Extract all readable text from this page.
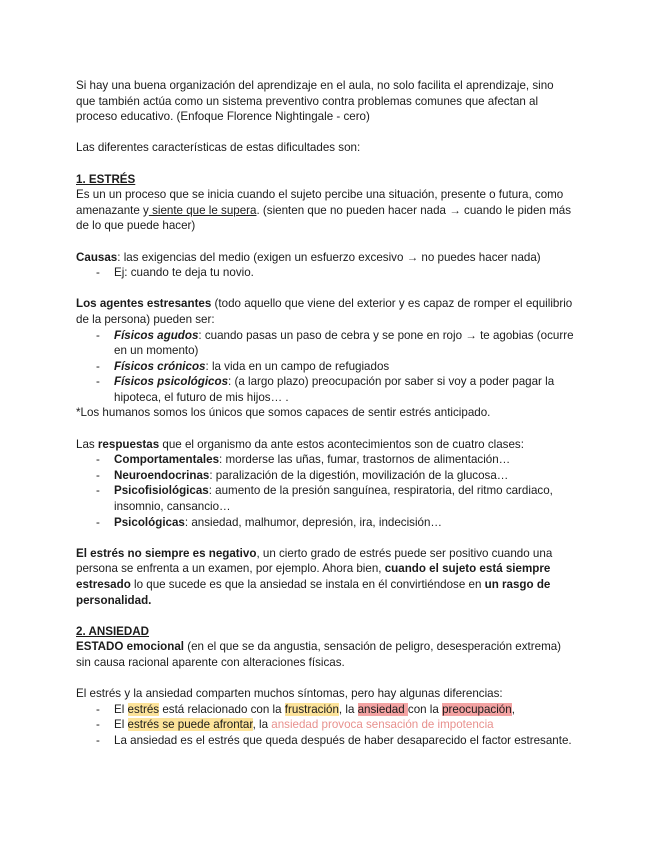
Si hay una buena organización del aprendizaje en el aula, no solo facilita el aprendizaje, sino que también actúa como un sistema preventivo contra problemas comunes que afectan al proceso educativo. (Enfoque Florence Nightingale - cero)

Las diferentes características de estas dificultades son:

1. ESTRÉS

Es un un proceso que se inicia cuando el sujeto percibe una situación, presente o futura, como amenazante y siente que le supera. (sienten que no pueden hacer nada → cuando le piden más de lo que puede hacer)

Causas: las exigencias del medio (exigen un esfuerzo excesivo → no puedes hacer nada)

- Ej: cuando te deja tu novio.

Los agentes estresantes (todo aquello que viene del exterior y es capaz de romper el equilibrio de la persona) pueden ser:

- Físicos agudos: cuando pasas un paso de cebra y se pone en rojo → te agobias (ocurre en un momento)
- Físicos crónicos: la vida en un campo de refugiados
- Físicos psicológicos: (a largo plazo) preocupación por saber si voy a poder pagar la hipoteca, el futuro de mis hijos… .

*Los humanos somos los únicos que somos capaces de sentir estrés anticipado.

Las respuestas que el organismo da ante estos acontecimientos son de cuatro clases:

- Comportamentales: morderse las uñas, fumar, trastornos de alimentación…
- Neuroendocrinas: paralización de la digestión, movilización de la glucosa…
- Psicofisiológicas: aumento de la presión sanguínea, respiratoria, del ritmo cardiaco, insomnio, cansancio…
- Psicológicas: ansiedad, malhumor, depresión, ira, indecisión…

El estrés no siempre es negativo, un cierto grado de estrés puede ser positivo cuando una persona se enfrenta a un examen, por ejemplo. Ahora bien, cuando el sujeto está siempre estresado lo que sucede es que la ansiedad se instala en él convirtiéndose en un rasgo de personalidad.

2. ANSIEDAD

ESTADO emocional (en el que se da angustia, sensación de peligro, desesperación extrema) sin causa racional aparente con alteraciones físicas.

El estrés y la ansiedad comparten muchos síntomas, pero hay algunas diferencias:

- El estrés está relacionado con la frustración, la ansiedad con la preocupación,
- El estrés se puede afrontar, la ansiedad provoca sensación de impotencia
- La ansiedad es el estrés que queda después de haber desaparecido el factor estresante.
